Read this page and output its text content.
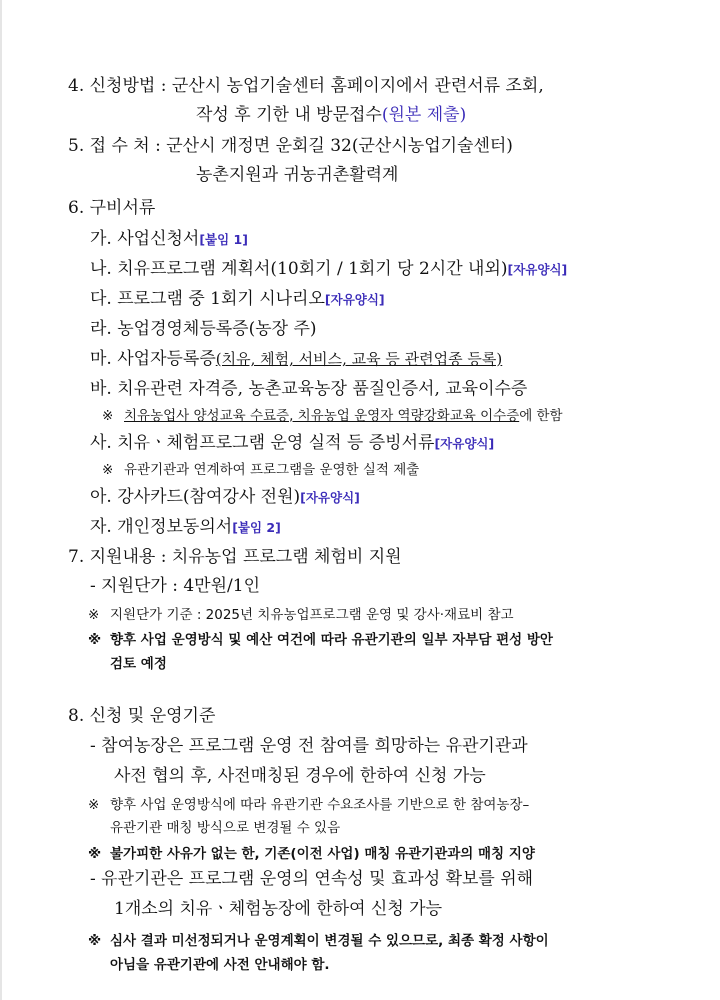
4. 신청방법 : 군산시 농업기술센터 홈페이지에서 관련서류 조회,
작성 후 기한 내 방문접수(원본 제출)
5. 접 수 처 : 군산시 개정면 운회길 32(군산시농업기술센터)
농촌지원과 귀농귀촌활력계
6. 구비서류
가. 사업신청서[붙임 1]
나. 치유프로그램 계획서(10회기 / 1회기 당 2시간 내외)[자유양식]
다. 프로그램 중 1회기 시나리오[자유양식]
라. 농업경영체등록증(농장 주)
마. 사업자등록증(치유, 체험, 서비스, 교육 등 관련업종 등록)
바. 치유관련 자격증, 농촌교육농장 품질인증서, 교육이수증
※ 치유농업사 양성교육 수료증, 치유농업 운영자 역량강화교육 이수증에 한함
사. 치유ㆍ체험프로그램 운영 실적 등 증빙서류[자유양식]
※ 유관기관과 연계하여 프로그램을 운영한 실적 제출
아. 강사카드(참여강사 전원)[자유양식]
자. 개인정보동의서[붙임 2]
7. 지원내용 : 치유농업 프로그램 체험비 지원
- 지원단가 : 4만원/1인
※ 지원단가 기준 : 2025년 치유농업프로그램 운영 및 강사·재료비 참고
※ 향후 사업 운영방식 및 예산 여건에 따라 유관기관의 일부 자부담 편성 방안
검토 예정
8. 신청 및 운영기준
- 참여농장은 프로그램 운영 전 참여를 희망하는 유관기관과
사전 협의 후, 사전매칭된 경우에 한하여 신청 가능
※ 향후 사업 운영방식에 따라 유관기관 수요조사를 기반으로 한 참여농장–
유관기관 매칭 방식으로 변경될 수 있음
※ 불가피한 사유가 없는 한, 기존(이전 사업) 매칭 유관기관과의 매칭 지양
- 유관기관은 프로그램 운영의 연속성 및 효과성 확보를 위해
1개소의 치유ㆍ체험농장에 한하여 신청 가능
※ 심사 결과 미선정되거나 운영계획이 변경될 수 있으므로, 최종 확정 사항이
아님을 유관기관에 사전 안내해야 함.
